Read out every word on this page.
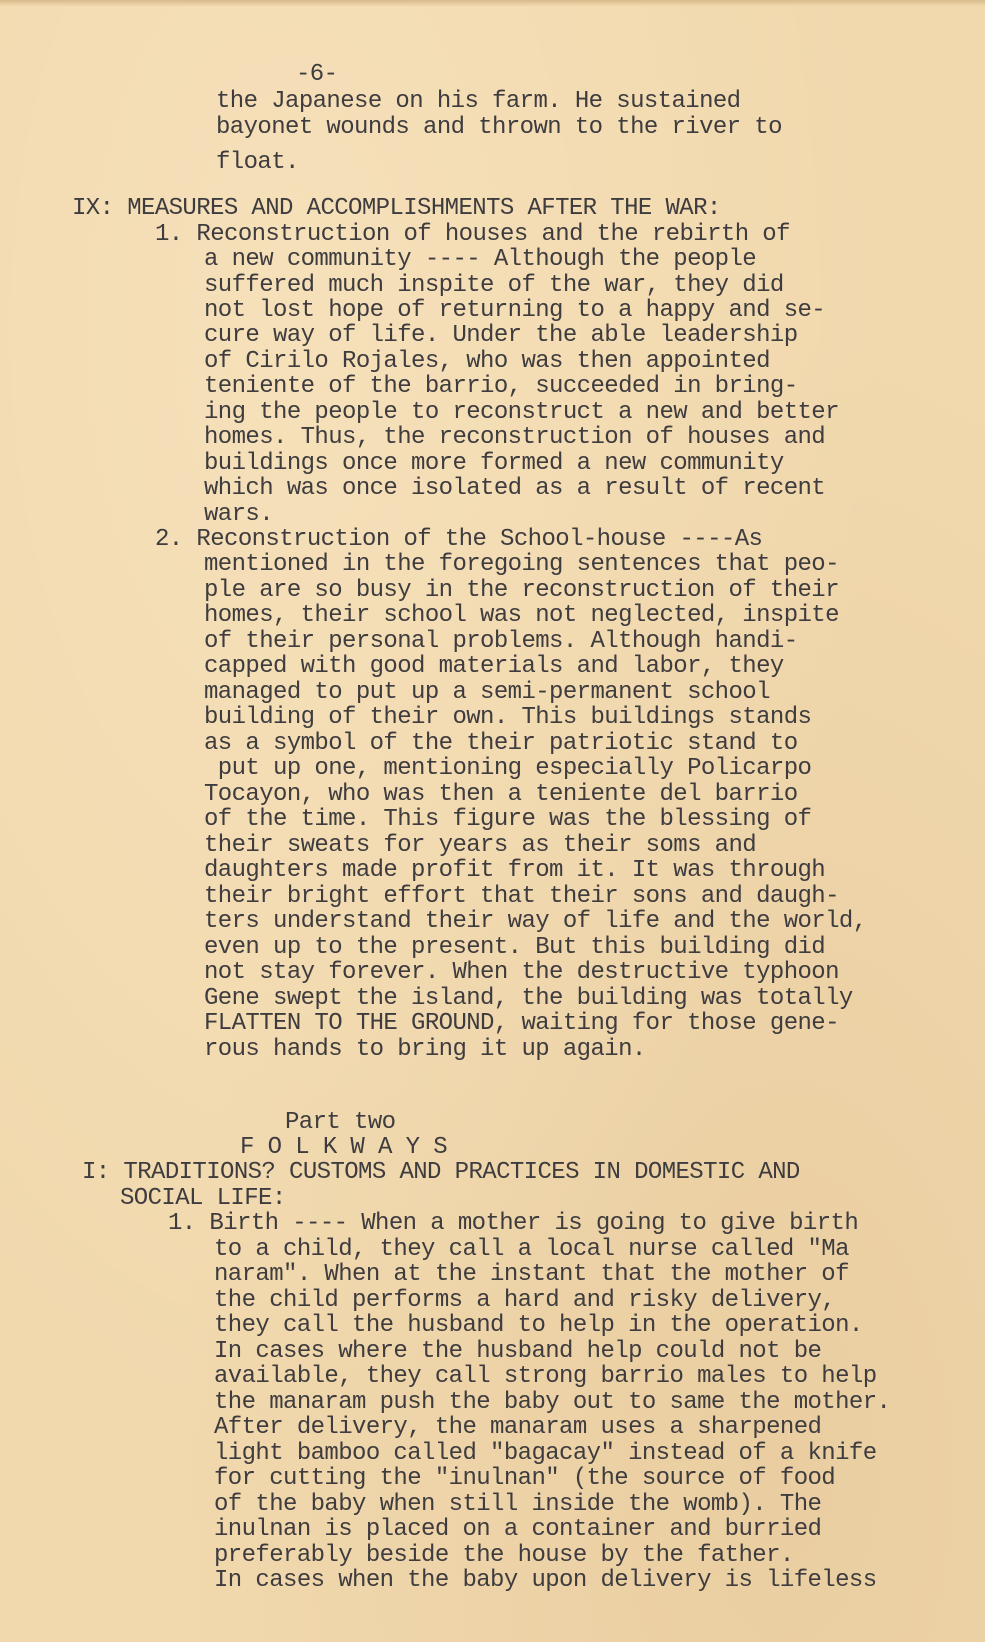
-6-
the Japanese on his farm. He sustained
bayonet wounds and thrown to the river to
float.
IX: MEASURES AND ACCOMPLISHMENTS AFTER THE WAR:
1. Reconstruction of houses and the rebirth of
a new community ---- Although the people
suffered much inspite of the war, they did
not lost hope of returning to a happy and se-
cure way of life. Under the able leadership
of Cirilo Rojales, who was then appointed
teniente of the barrio, succeeded in bring-
ing the people to reconstruct a new and better
homes. Thus, the reconstruction of houses and
buildings once more formed a new community
which was once isolated as a result of recent
wars.
2. Reconstruction of the School-house ----As
mentioned in the foregoing sentences that peo-
ple are so busy in the reconstruction of their
homes, their school was not neglected, inspite
of their personal problems. Although handi-
capped with good materials and labor, they
managed to put up a semi-permanent school
building of their own. This buildings stands
as a symbol of the their patriotic stand to
put up one, mentioning especially Policarpo
Tocayon, who was then a teniente del barrio
of the time. This figure was the blessing of
their sweats for years as their soms and
daughters made profit from it. It was through
their bright effort that their sons and daugh-
ters understand their way of life and the world,
even up to the present. But this building did
not stay forever. When the destructive typhoon
Gene swept the island, the building was totally
FLATTEN TO THE GROUND, waiting for those gene-
rous hands to bring it up again.
Part two
F O L K W A Y S
I: TRADITIONS? CUSTOMS AND PRACTICES IN DOMESTIC AND
SOCIAL LIFE:
1. Birth ---- When a mother is going to give birth
to a child, they call a local nurse called "Ma
naram". When at the instant that the mother of
the child performs a hard and risky delivery,
they call the husband to help in the operation.
In cases where the husband help could not be
available, they call strong barrio males to help
the manaram push the baby out to same the mother.
After delivery, the manaram uses a sharpened
light bamboo called "bagacay" instead of a knife
for cutting the "inulnan" (the source of food
of the baby when still inside the womb). The
inulnan is placed on a container and burried
preferably beside the house by the father.
In cases when the baby upon delivery is lifeless
